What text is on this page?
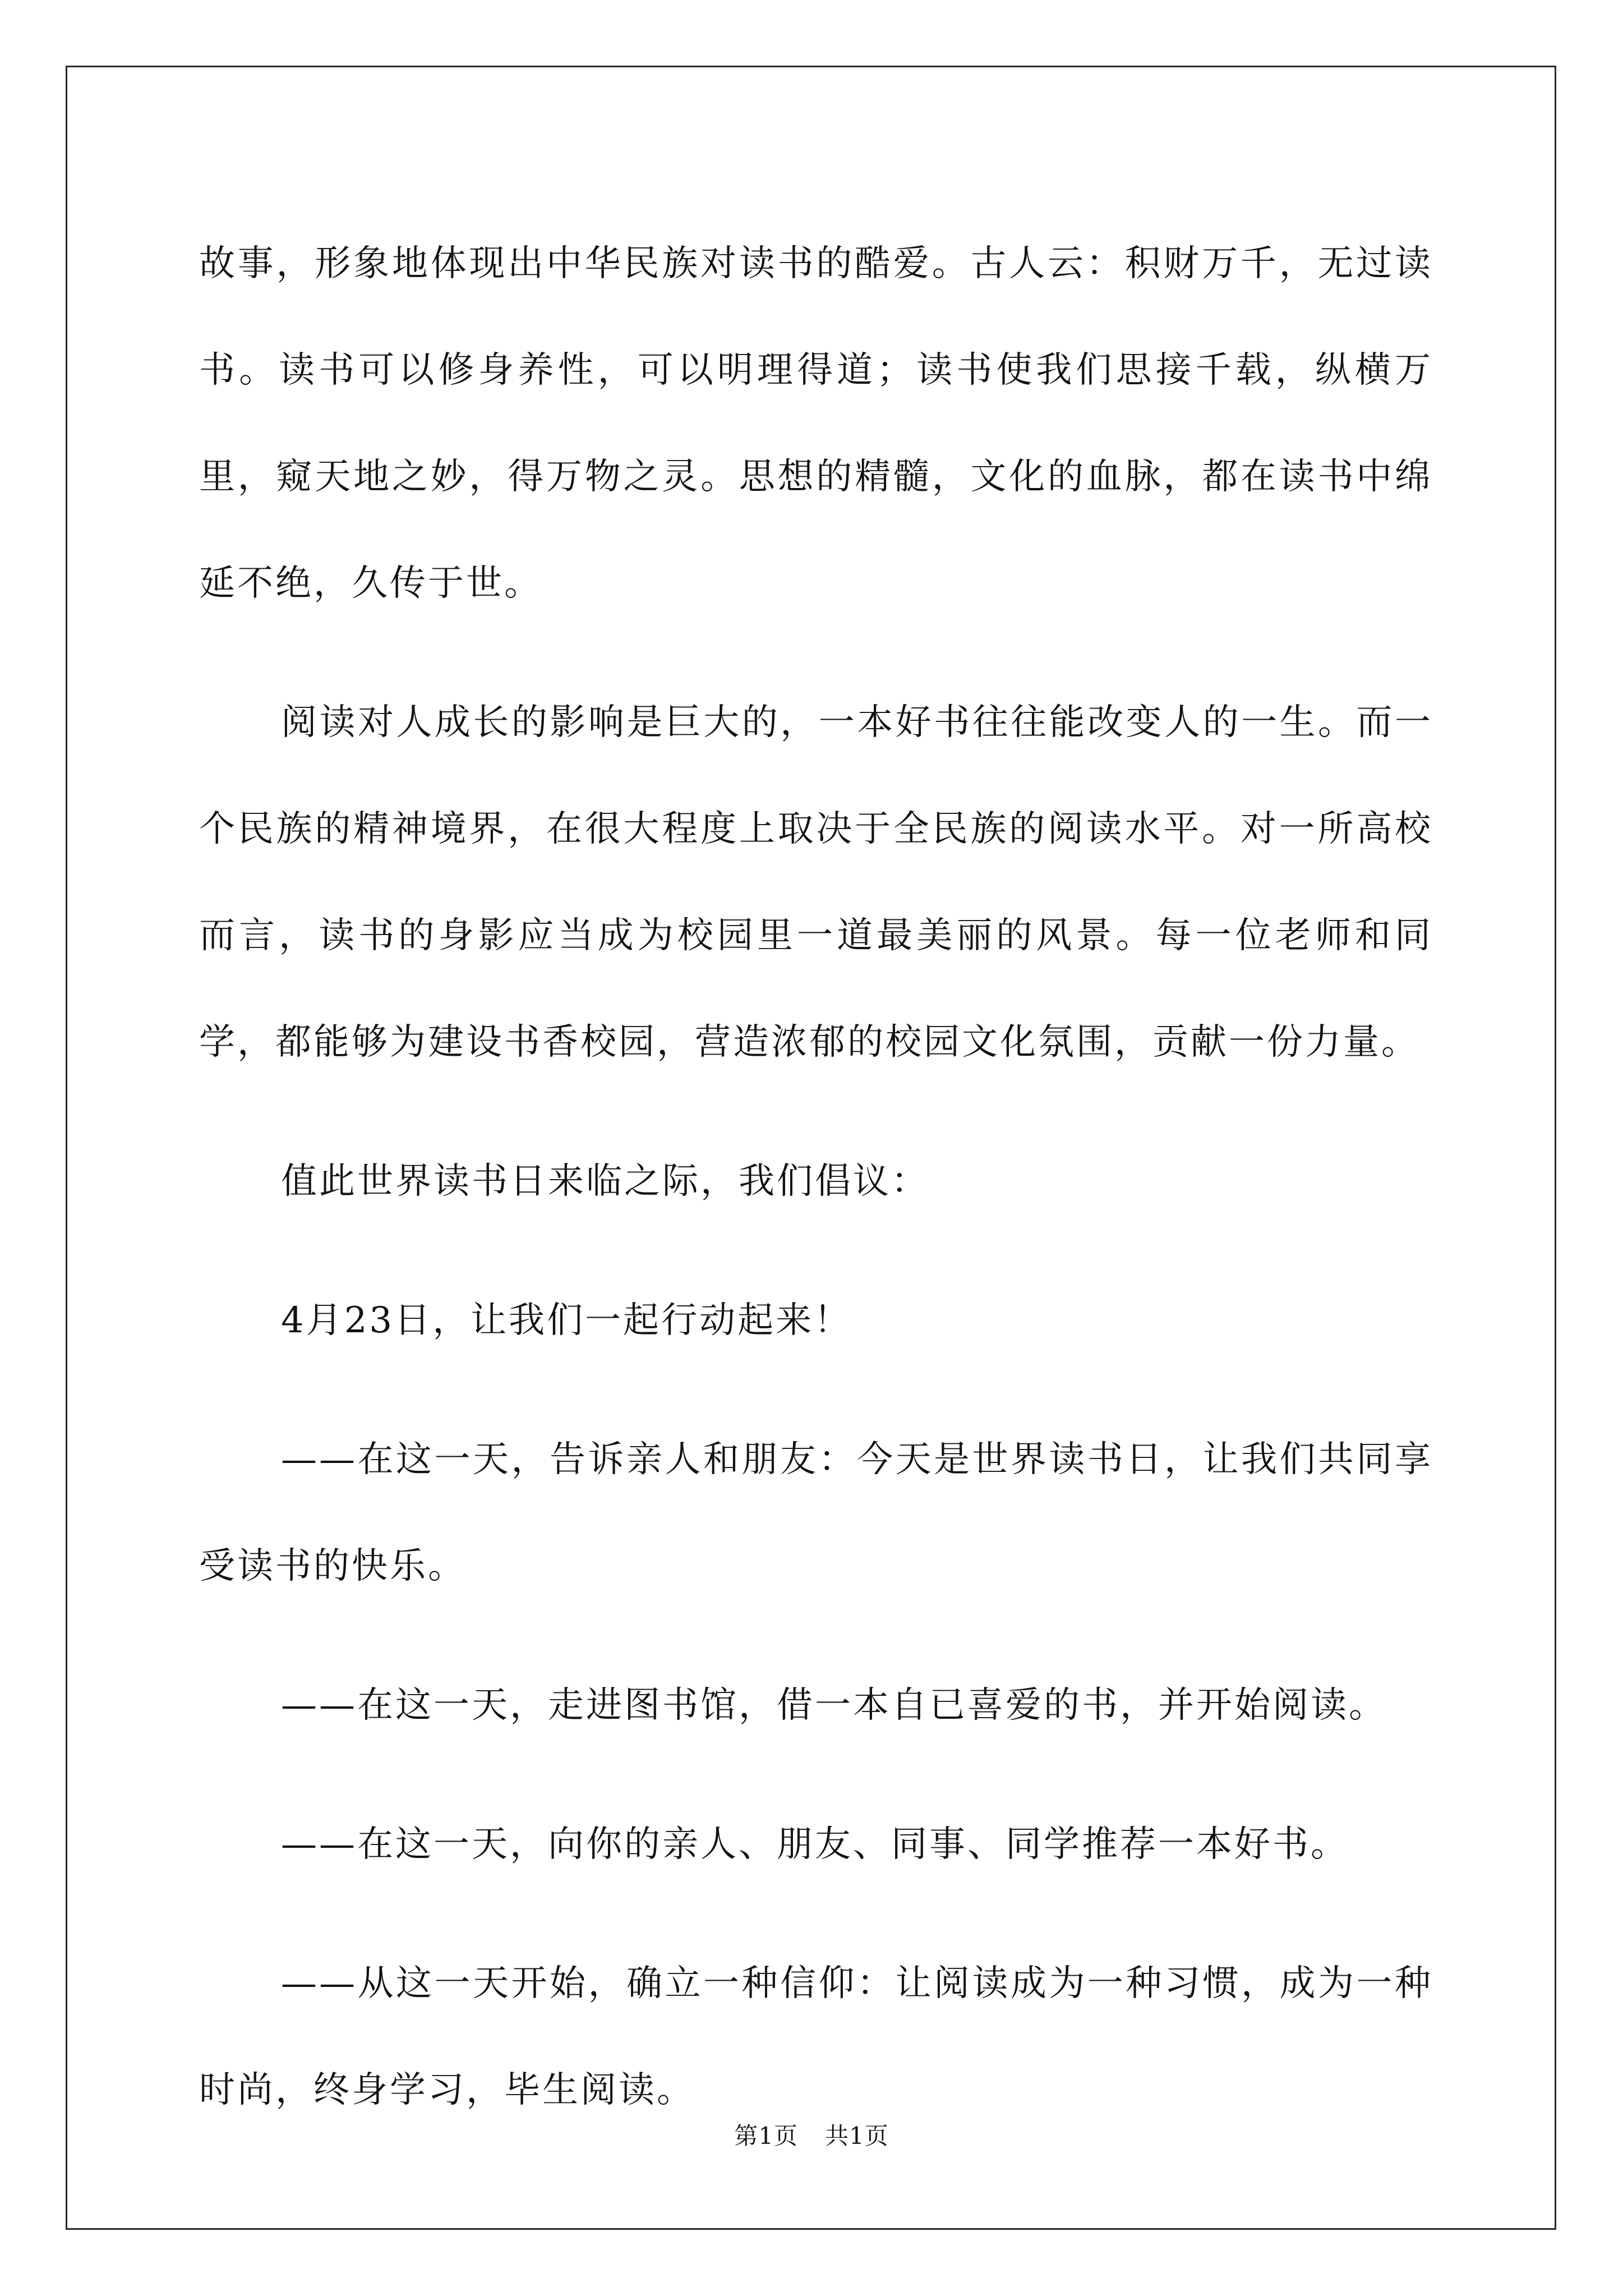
故事，形象地体现出中华民族对读书的酷爱。古人云：积财万千，无过读书。读书可以修身养性，可以明理得道；读书使我们思接千载，纵横万里，窥天地之妙，得万物之灵。思想的精髓，文化的血脉，都在读书中绵延不绝，久传于世。

阅读对人成长的影响是巨大的，一本好书往往能改变人的一生。而一个民族的精神境界，在很大程度上取决于全民族的阅读水平。对一所高校而言，读书的身影应当成为校园里一道最美丽的风景。每一位老师和同学，都能够为建设书香校园，营造浓郁的校园文化氛围，贡献一份力量。

值此世界读书日来临之际，我们倡议：

4月23日，让我们一起行动起来！

——在这一天，告诉亲人和朋友：今天是世界读书日，让我们共同享受读书的快乐。

——在这一天，走进图书馆，借一本自已喜爱的书，并开始阅读。

——在这一天，向你的亲人、朋友、同事、同学推荐一本好书。

——从这一天开始，确立一种信仰：让阅读成为一种习惯，成为一种时尚，终身学习，毕生阅读。

第1页 共1页
